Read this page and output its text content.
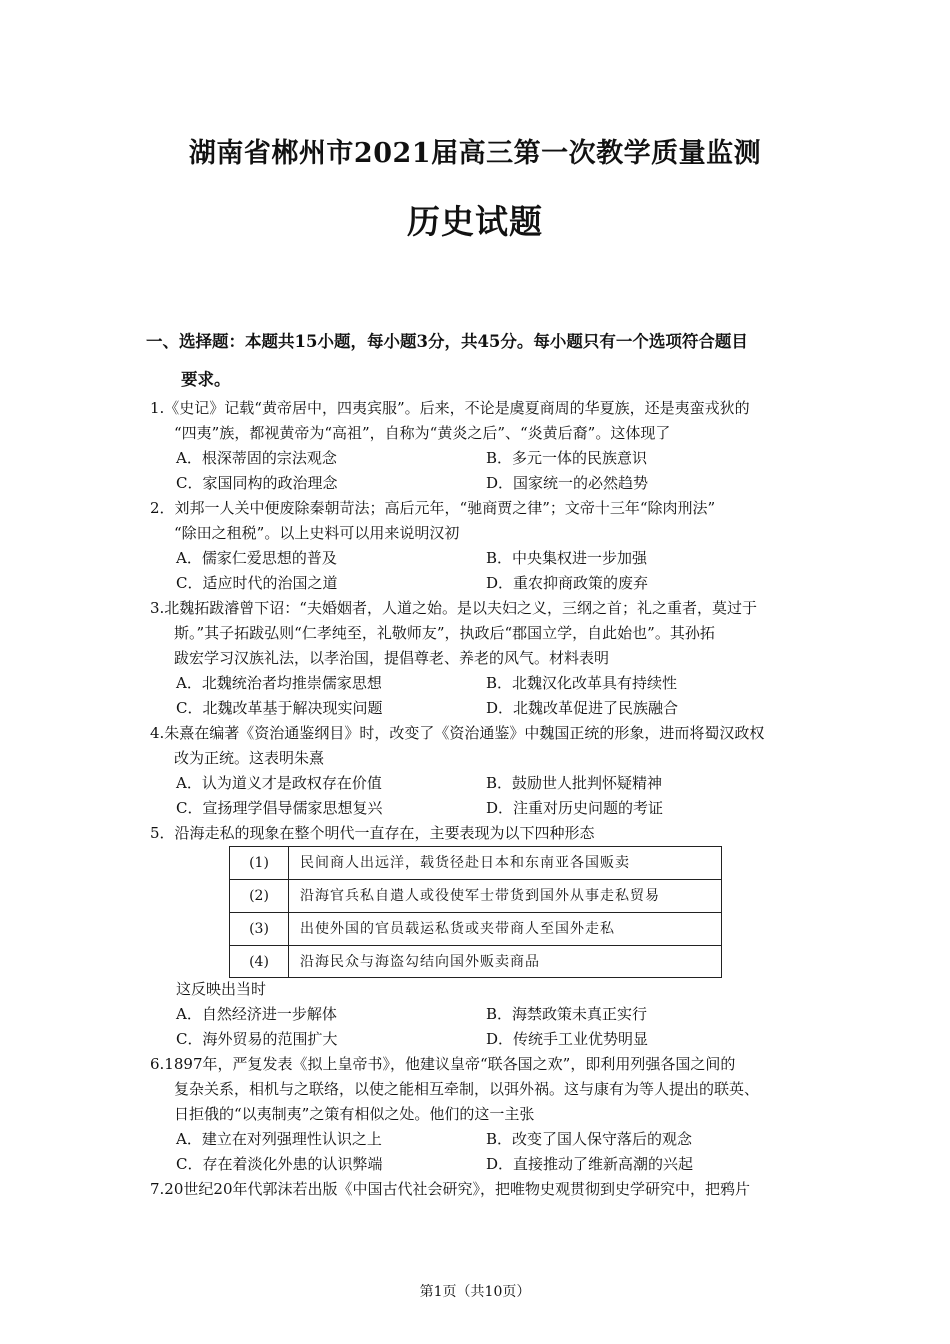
湖南省郴州市2021届高三第一次教学质量监测
历史试题
一、选择题：本题共15小题，每小题3分，共45分。每小题只有一个选项符合题目
要求。
1.《史记》记载“黄帝居中，四夷宾服”。后来，不论是虞夏商周的华夏族，还是夷蛮戎狄的
“四夷”族，都视黄帝为“高祖”，自称为“黄炎之后”、“炎黄后裔”。这体现了
A．根深蒂固的宗法观念	B．多元一体的民族意识
C．家国同构的政治理念	D．国家统一的必然趋势
2．刘邦一人关中便废除秦朝苛法；高后元年，“驰商贾之律”；文帝十三年“除肉刑法”
“除田之租税”。以上史料可以用来说明汉初
A．儒家仁爱思想的普及	B．中央集权进一步加强
C．适应时代的治国之道	D．重农抑商政策的废弃
3.北魏拓跋濬曾下诏：“夫婚姻者，人道之始。是以夫妇之义，三纲之首；礼之重者，莫过于
斯。”其子拓跋弘则“仁孝纯至，礼敬师友”，执政后“郡国立学，自此始也”。其孙拓
跋宏学习汉族礼法，以孝治国，提倡尊老、养老的风气。材料表明
A．北魏统治者均推崇儒家思想	B．北魏汉化改革具有持续性
C．北魏改革基于解决现实问题	D．北魏改革促进了民族融合
4.朱熹在编著《资治通鉴纲目》时，改变了《资治通鉴》中魏国正统的形象，进而将蜀汉政权
改为正统。这表明朱熹
A．认为道义才是政权存在价值	B．鼓励世人批判怀疑精神
C．宣扬理学倡导儒家思想复兴	D．注重对历史问题的考证
5．沿海走私的现象在整个明代一直存在，主要表现为以下四种形态
(1)	民间商人出远洋，载货径赴日本和东南亚各国贩卖
(2)	沿海官兵私自遣人或役使军士带货到国外从事走私贸易
(3)	出使外国的官员载运私货或夹带商人至国外走私
(4)	沿海民众与海盗勾结向国外贩卖商品
这反映出当时
A．自然经济进一步解体	B．海禁政策未真正实行
C．海外贸易的范围扩大	D．传统手工业优势明显
6.1897年，严复发表《拟上皇帝书》，他建议皇帝“联各国之欢”，即利用列强各国之间的
复杂关系，相机与之联络，以使之能相互牵制，以弭外祸。这与康有为等人提出的联英、
日拒俄的“以夷制夷”之策有相似之处。他们的这一主张
A．建立在对列强理性认识之上	B．改变了国人保守落后的观念
C．存在着淡化外患的认识弊端	D．直接推动了维新高潮的兴起
7.20世纪20年代郭沫若出版《中国古代社会研究》，把唯物史观贯彻到史学研究中，把鸦片
第1页（共10页）
